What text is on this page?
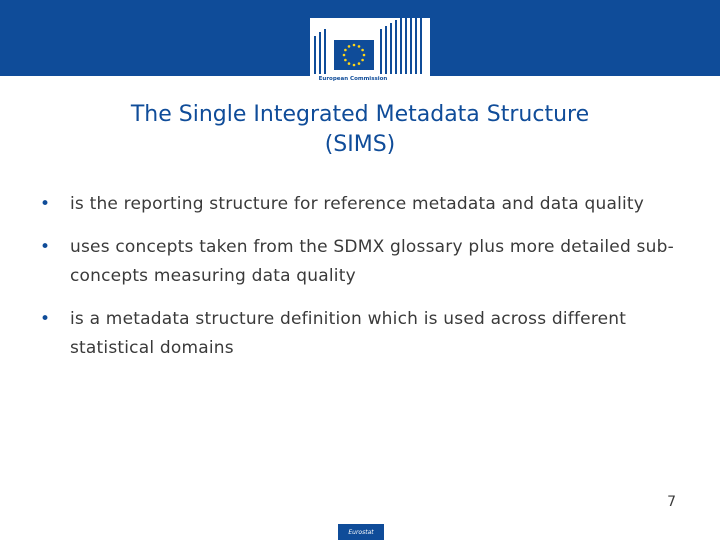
European Commission
The Single Integrated Metadata Structure
(SIMS)
•	is the reporting structure for reference metadata and data quality
•	uses concepts taken from the SDMX glossary plus more detailed sub-concepts measuring data quality
•	is a metadata structure definition which is used across different statistical domains
7
Eurostat
